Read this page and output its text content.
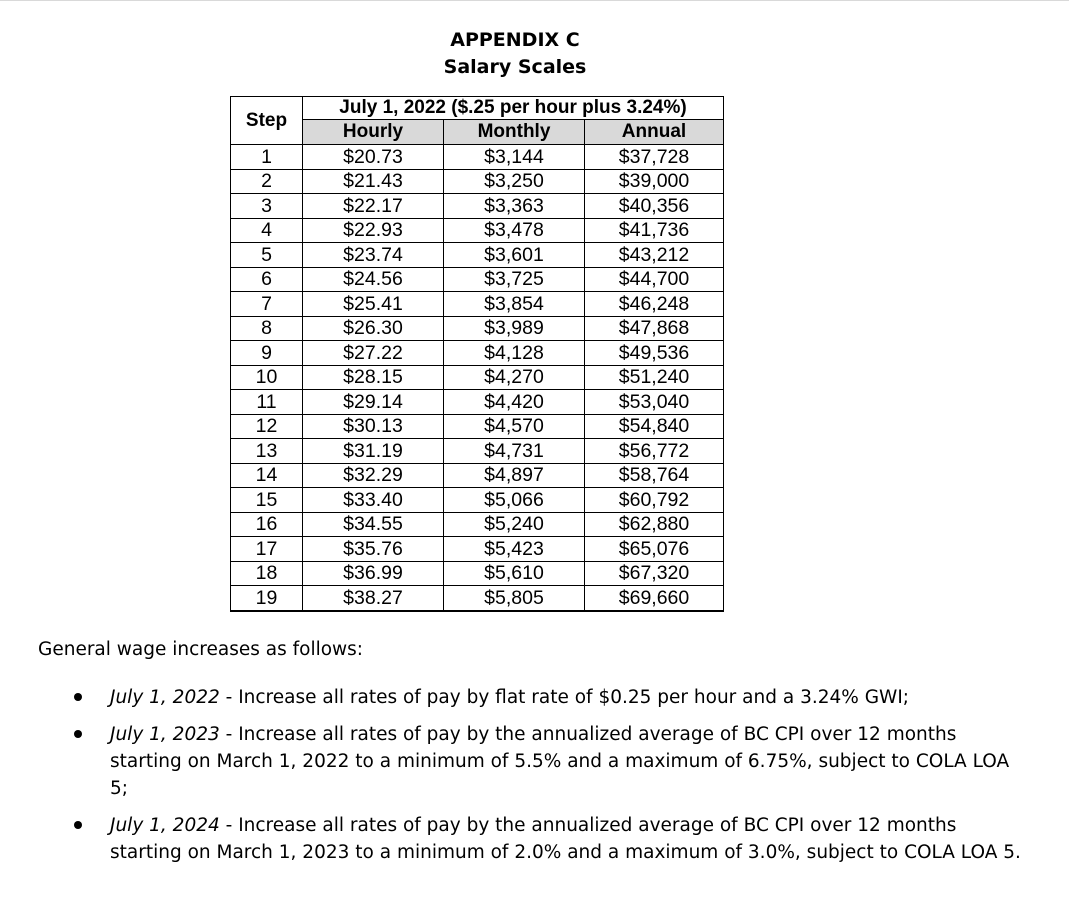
APPENDIX C
Salary Scales
Step	July 1, 2022 ($.25 per hour plus 3.24%)		
	Hourly	Monthly	Annual
1	$20.73	$3,144	$37,728
2	$21.43	$3,250	$39,000
3	$22.17	$3,363	$40,356
4	$22.93	$3,478	$41,736
5	$23.74	$3,601	$43,212
6	$24.56	$3,725	$44,700
7	$25.41	$3,854	$46,248
8	$26.30	$3,989	$47,868
9	$27.22	$4,128	$49,536
10	$28.15	$4,270	$51,240
11	$29.14	$4,420	$53,040
12	$30.13	$4,570	$54,840
13	$31.19	$4,731	$56,772
14	$32.29	$4,897	$58,764
15	$33.40	$5,066	$60,792
16	$34.55	$5,240	$62,880
17	$35.76	$5,423	$65,076
18	$36.99	$5,610	$67,320
19	$38.27	$5,805	$69,660
General wage increases as follows:
July 1, 2022 - Increase all rates of pay by flat rate of $0.25 per hour and a 3.24% GWI;
July 1, 2023 - Increase all rates of pay by the annualized average of BC CPI over 12 months starting on March 1, 2022 to a minimum of 5.5% and a maximum of 6.75%, subject to COLA LOA 5;
July 1, 2024 - Increase all rates of pay by the annualized average of BC CPI over 12 months starting on March 1, 2023 to a minimum of 2.0% and a maximum of 3.0%, subject to COLA LOA 5.
